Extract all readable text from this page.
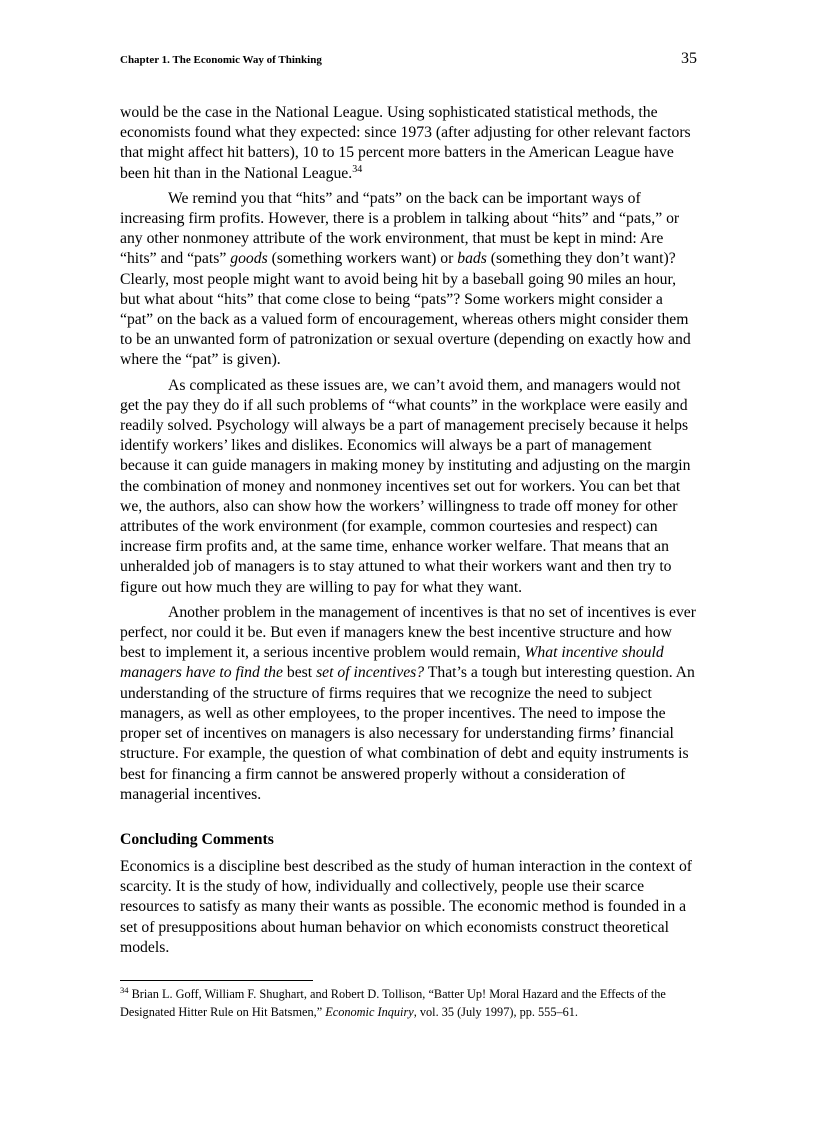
Chapter 1. The Economic Way of Thinking	35

would be the case in the National League. Using sophisticated statistical methods, the economists found what they expected: since 1973 (after adjusting for other relevant factors that might affect hit batters), 10 to 15 percent more batters in the American League have been hit than in the National League.$^{34}$

We remind you that “hits” and “pats” on the back can be important ways of increasing firm profits. However, there is a problem in talking about “hits” and “pats,” or any other nonmoney attribute of the work environment, that must be kept in mind: Are “hits” and “pats” goods (something workers want) or bads (something they don’t want)? Clearly, most people might want to avoid being hit by a baseball going 90 miles an hour, but what about “hits” that come close to being “pats”? Some workers might consider a “pat” on the back as a valued form of encouragement, whereas others might consider them to be an unwanted form of patronization or sexual overture (depending on exactly how and where the “pat” is given).

As complicated as these issues are, we can’t avoid them, and managers would not get the pay they do if all such problems of “what counts” in the workplace were easily and readily solved. Psychology will always be a part of management precisely because it helps identify workers’ likes and dislikes. Economics will always be a part of management because it can guide managers in making money by instituting and adjusting on the margin the combination of money and nonmoney incentives set out for workers. You can bet that we, the authors, also can show how the workers’ willingness to trade off money for other attributes of the work environment (for example, common courtesies and respect) can increase firm profits and, at the same time, enhance worker welfare. That means that an unheralded job of managers is to stay attuned to what their workers want and then try to figure out how much they are willing to pay for what they want.

Another problem in the management of incentives is that no set of incentives is ever perfect, nor could it be. But even if managers knew the best incentive structure and how best to implement it, a serious incentive problem would remain, What incentive should managers have to find the best set of incentives? That’s a tough but interesting question. An understanding of the structure of firms requires that we recognize the need to subject managers, as well as other employees, to the proper incentives. The need to impose the proper set of incentives on managers is also necessary for understanding firms’ financial structure. For example, the question of what combination of debt and equity instruments is best for financing a firm cannot be answered properly without a consideration of managerial incentives.

Concluding Comments

Economics is a discipline best described as the study of human interaction in the context of scarcity. It is the study of how, individually and collectively, people use their scarce resources to satisfy as many their wants as possible. The economic method is founded in a set of presuppositions about human behavior on which economists construct theoretical models.

$^{34}$ Brian L. Goff, William F. Shughart, and Robert D. Tollison, “Batter Up! Moral Hazard and the Effects of the Designated Hitter Rule on Hit Batsmen,” Economic Inquiry, vol. 35 (July 1997), pp. 555–61.
